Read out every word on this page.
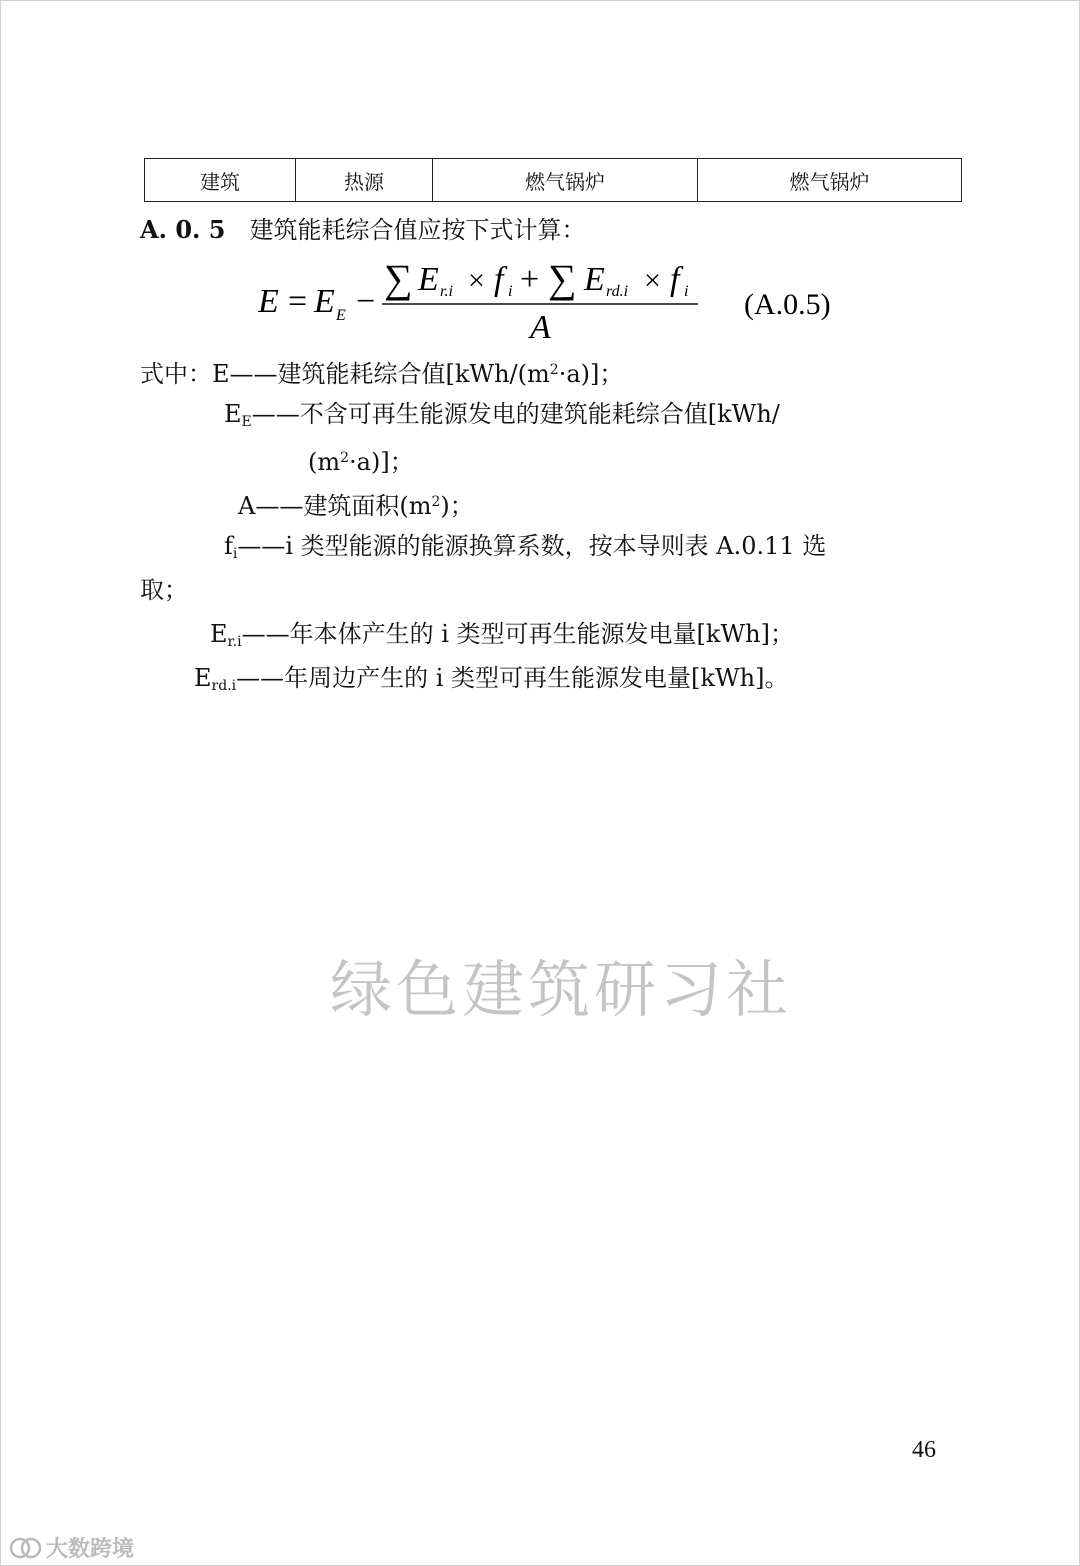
建筑	热源	燃气锅炉	燃气锅炉
A. 0. 5 建筑能耗综合值应按下式计算：
E = E E −
∑ E r.i × f i + ∑ E rd.i × f i
A
(A.0.5)
式中：E——建筑能耗综合值$[kWh/(m^2\cdot a)]$；
$E_E——$不含可再生能源发电的建筑能耗综合值[kWh/
$(m^2\cdot a)$]；
A——建筑面积$(m^2)$；
$f_i——i$ 类型能源的能源换算系数，按本导则表 A.0.11 选
取；
$E_{r.i}——$年本体产生的 i 类型可再生能源发电量[kWh]；
$E_{rd.i}——$年周边产生的 i 类型可再生能源发电量[kWh]。
绿色建筑研习社
46
大数跨境
